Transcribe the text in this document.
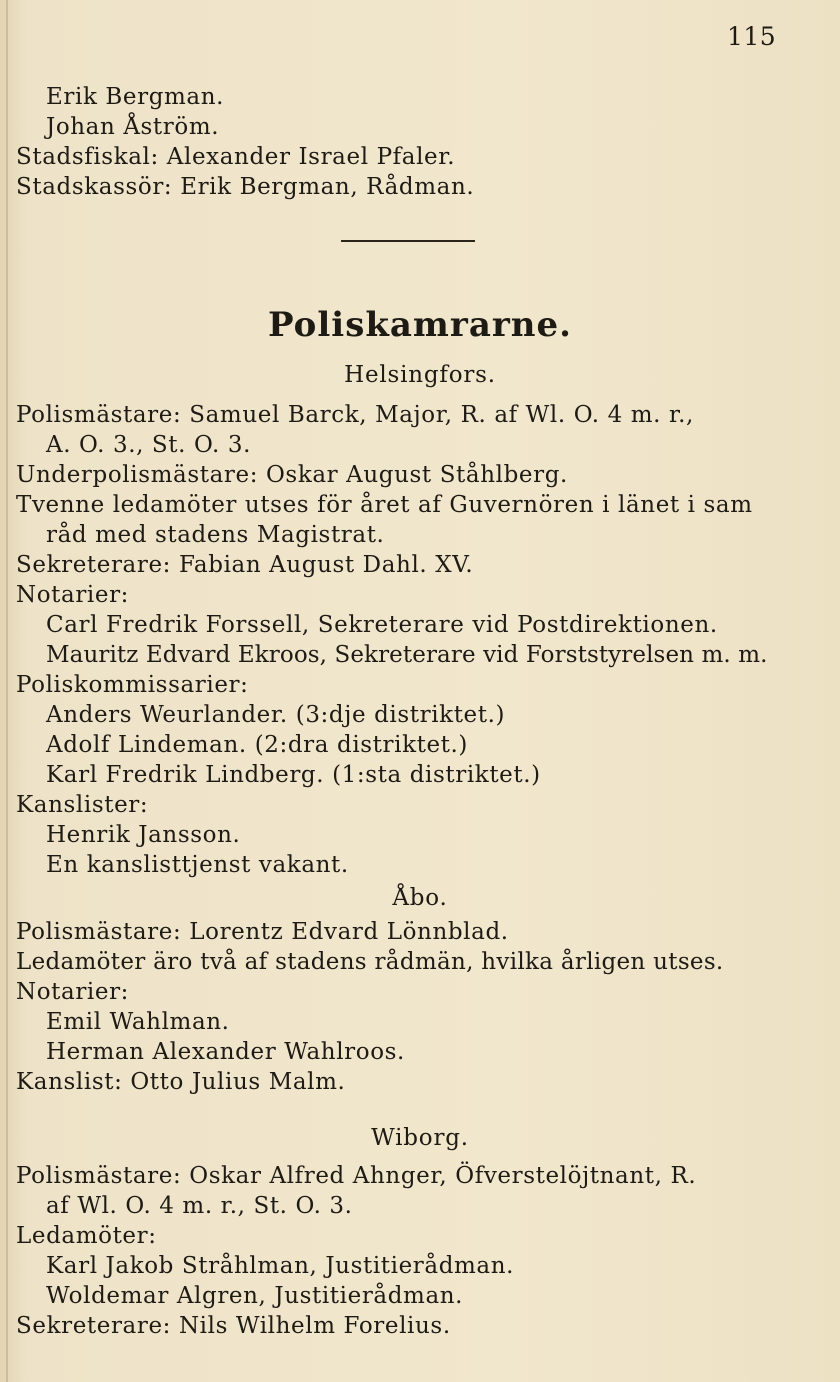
115
Erik Bergman.
Johan Åström.
Stadsfiskal: Alexander Israel Pfaler.
Stadskassör: Erik Bergman, Rådman.
Poliskamrarne.
Helsingfors.
Polismästare: Samuel Barck, Major, R. af Wl. O. 4 m. r.,
A. O. 3., St. O. 3.
Underpolismästare: Oskar August Ståhlberg.
Tvenne ledamöter utses för året af Guvernören i länet i sam
råd med stadens Magistrat.
Sekreterare: Fabian August Dahl. XV.
Notarier:
Carl Fredrik Forssell, Sekreterare vid Postdirektionen.
Mauritz Edvard Ekroos, Sekreterare vid Forststyrelsen m. m.
Poliskommissarier:
Anders Weurlander. (3:dje distriktet.)
Adolf Lindeman. (2:dra distriktet.)
Karl Fredrik Lindberg. (1:sta distriktet.)
Kanslister:
Henrik Jansson.
En kanslisttjenst vakant.
Åbo.
Polismästare: Lorentz Edvard Lönnblad.
Ledamöter äro två af stadens rådmän, hvilka årligen utses.
Notarier:
Emil Wahlman.
Herman Alexander Wahlroos.
Kanslist: Otto Julius Malm.
Wiborg.
Polismästare: Oskar Alfred Ahnger, Öfverstelöjtnant, R.
af Wl. O. 4 m. r., St. O. 3.
Ledamöter:
Karl Jakob Stråhlman, Justitierådman.
Woldemar Algren, Justitierådman.
Sekreterare: Nils Wilhelm Forelius.
